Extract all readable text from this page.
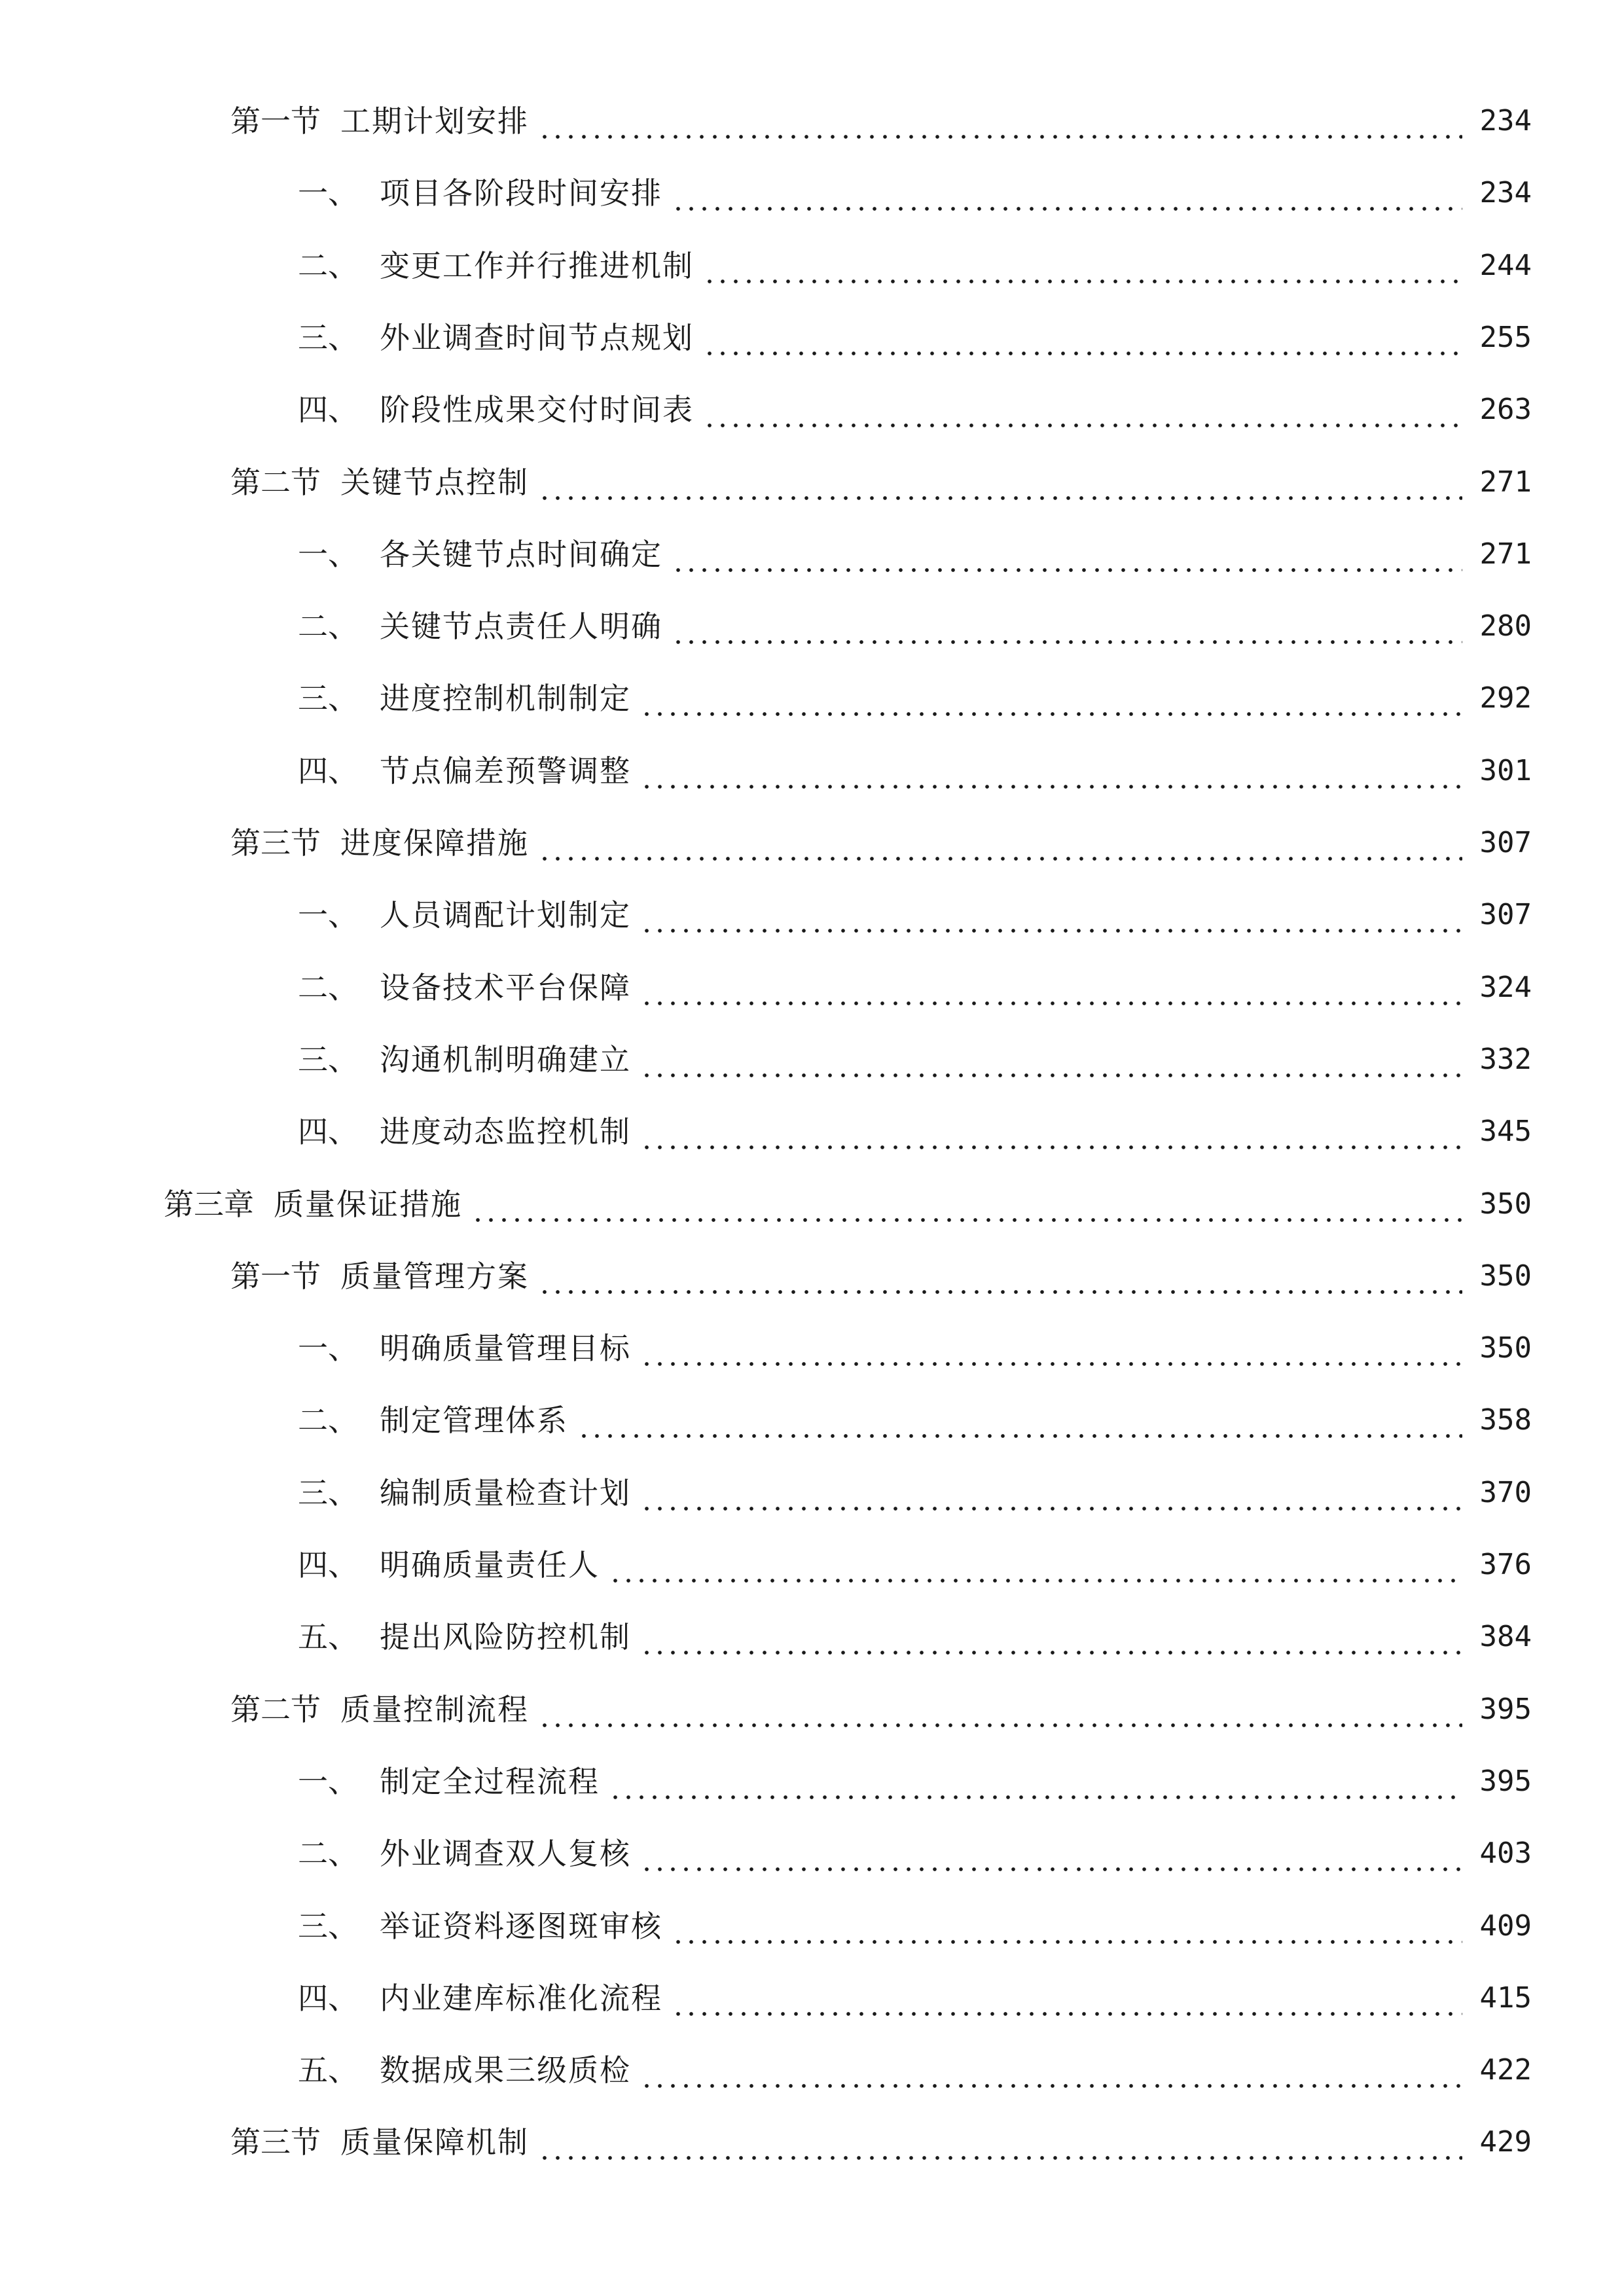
第一节 工期计划安排	234
一、 项目各阶段时间安排	234
二、 变更工作并行推进机制	244
三、 外业调查时间节点规划	255
四、 阶段性成果交付时间表	263
第二节 关键节点控制	271
一、 各关键节点时间确定	271
二、 关键节点责任人明确	280
三、 进度控制机制制定	292
四、 节点偏差预警调整	301
第三节 进度保障措施	307
一、 人员调配计划制定	307
二、 设备技术平台保障	324
三、 沟通机制明确建立	332
四、 进度动态监控机制	345
第三章 质量保证措施	350
第一节 质量管理方案	350
一、 明确质量管理目标	350
二、 制定管理体系	358
三、 编制质量检查计划	370
四、 明确质量责任人	376
五、 提出风险防控机制	384
第二节 质量控制流程	395
一、 制定全过程流程	395
二、 外业调查双人复核	403
三、 举证资料逐图斑审核	409
四、 内业建库标准化流程	415
五、 数据成果三级质检	422
第三节 质量保障机制	429
